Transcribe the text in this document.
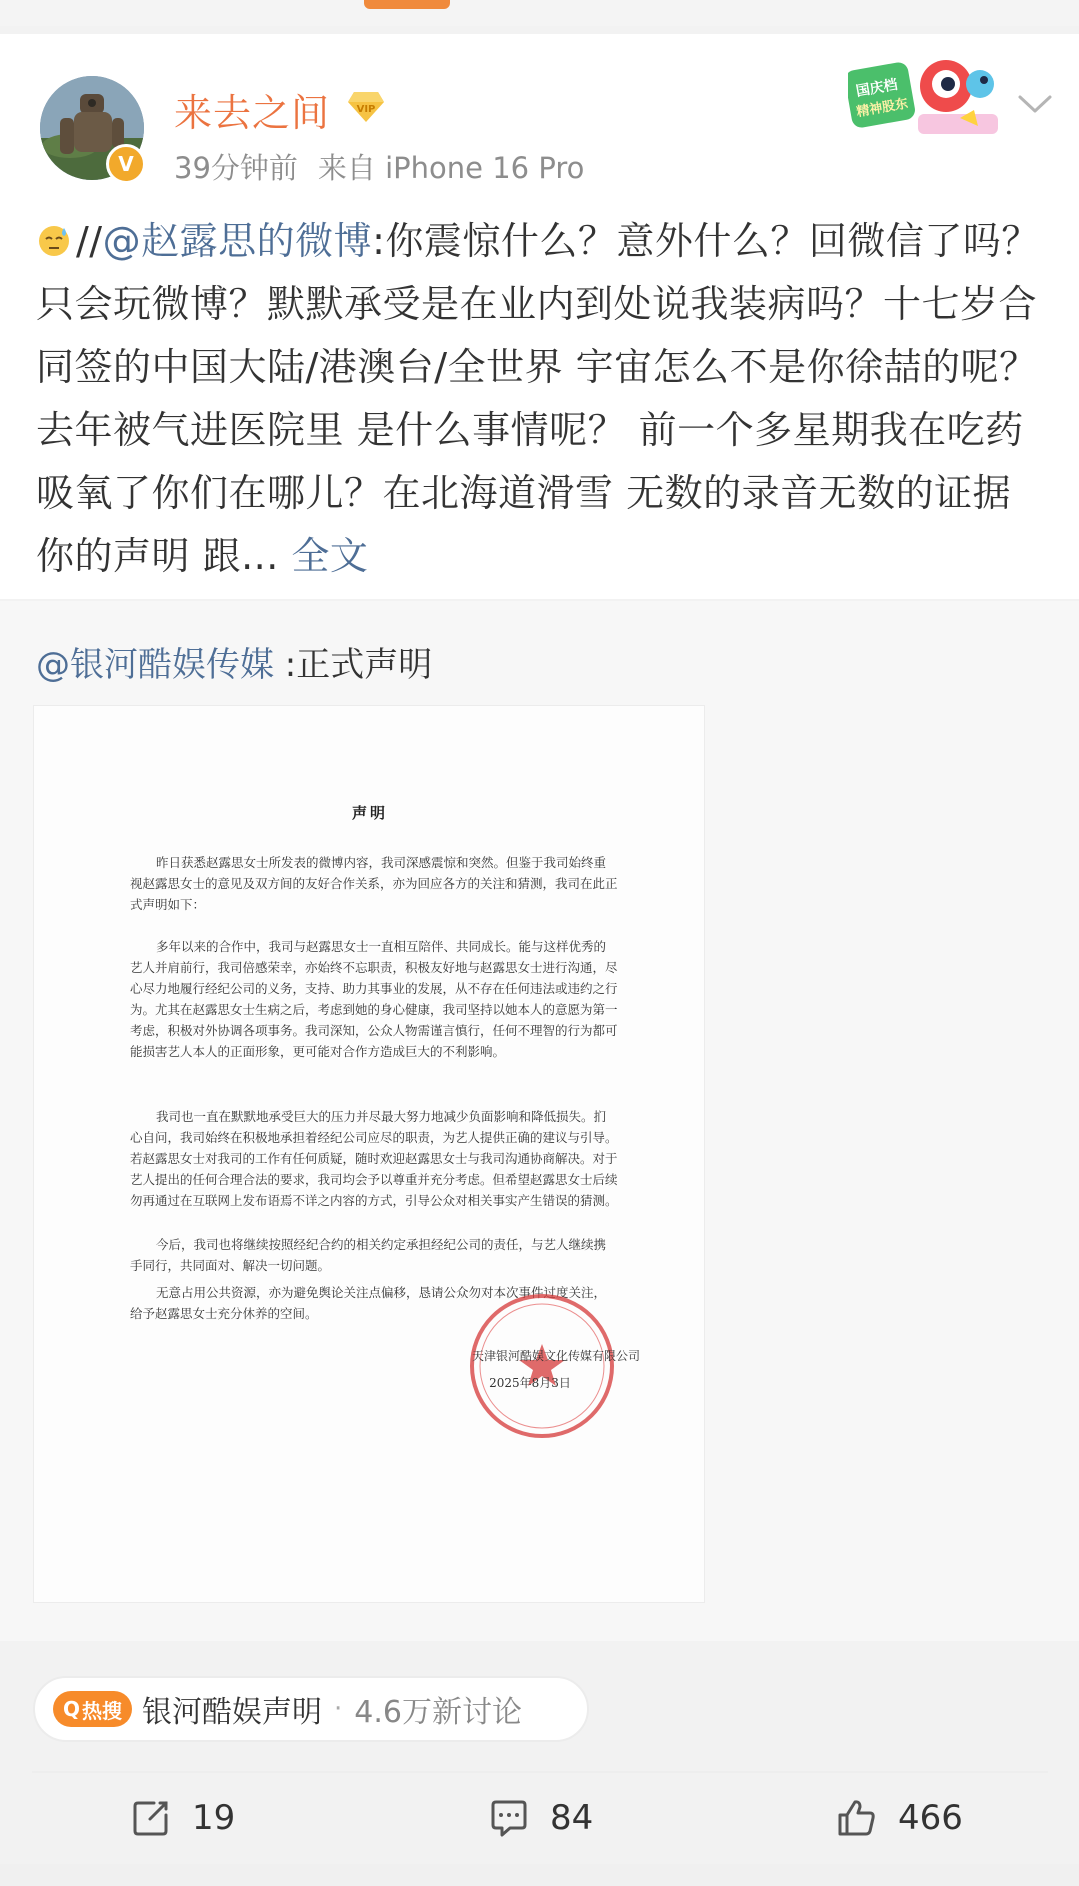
V
来去之间	VIP
39分钟前 来自 iPhone 16 Pro
国庆档
精神股东
//@赵露思的微博:你震惊什么？意外什么？回微信了吗？ 只会玩微博？默默承受是在业内到处说我装病吗？十七岁合同签的中国大陆/港澳台/全世界 宇宙怎么不是你徐喆的呢？ 去年被气进医院里 是什么事情呢？ 前一个多星期我在吃药吸氧了你们在哪儿？在北海道滑雪 无数的录音无数的证据 你的声明 跟... 全文
@银河酷娱传媒 :正式声明
声明
昨日获悉赵露思女士所发表的微博内容，我司深感震惊和突然。但鉴于我司始终重视赵露思女士的意见及双方间的友好合作关系，亦为回应各方的关注和猜测，我司在此正式声明如下：
多年以来的合作中，我司与赵露思女士一直相互陪伴、共同成长。能与这样优秀的艺人并肩前行，我司倍感荣幸，亦始终不忘职责，积极友好地与赵露思女士进行沟通，尽心尽力地履行经纪公司的义务，支持、助力其事业的发展，从不存在任何违法或违约之行为。尤其在赵露思女士生病之后，考虑到她的身心健康，我司坚持以她本人的意愿为第一考虑，积极对外协调各项事务。我司深知，公众人物需谨言慎行，任何不理智的行为都可能损害艺人本人的正面形象，更可能对合作方造成巨大的不利影响。
我司也一直在默默地承受巨大的压力并尽最大努力地减少负面影响和降低损失。扪心自问，我司始终在积极地承担着经纪公司应尽的职责，为艺人提供正确的建议与引导。若赵露思女士对我司的工作有任何质疑，随时欢迎赵露思女士与我司沟通协商解决。对于艺人提出的任何合理合法的要求，我司均会予以尊重并充分考虑。但希望赵露思女士后续勿再通过在互联网上发布语焉不详之内容的方式，引导公众对相关事实产生错误的猜测。
今后，我司也将继续按照经纪合约的相关约定承担经纪公司的责任，与艺人继续携手同行，共同面对、解决一切问题。
无意占用公共资源，亦为避免舆论关注点偏移，恳请公众勿对本次事件过度关注，给予赵露思女士充分休养的空间。
天津银河酷娱文化传媒有限公司
2025年8月3日
Q 热搜 银河酷娱声明 · 4.6万新讨论
19	84	466
